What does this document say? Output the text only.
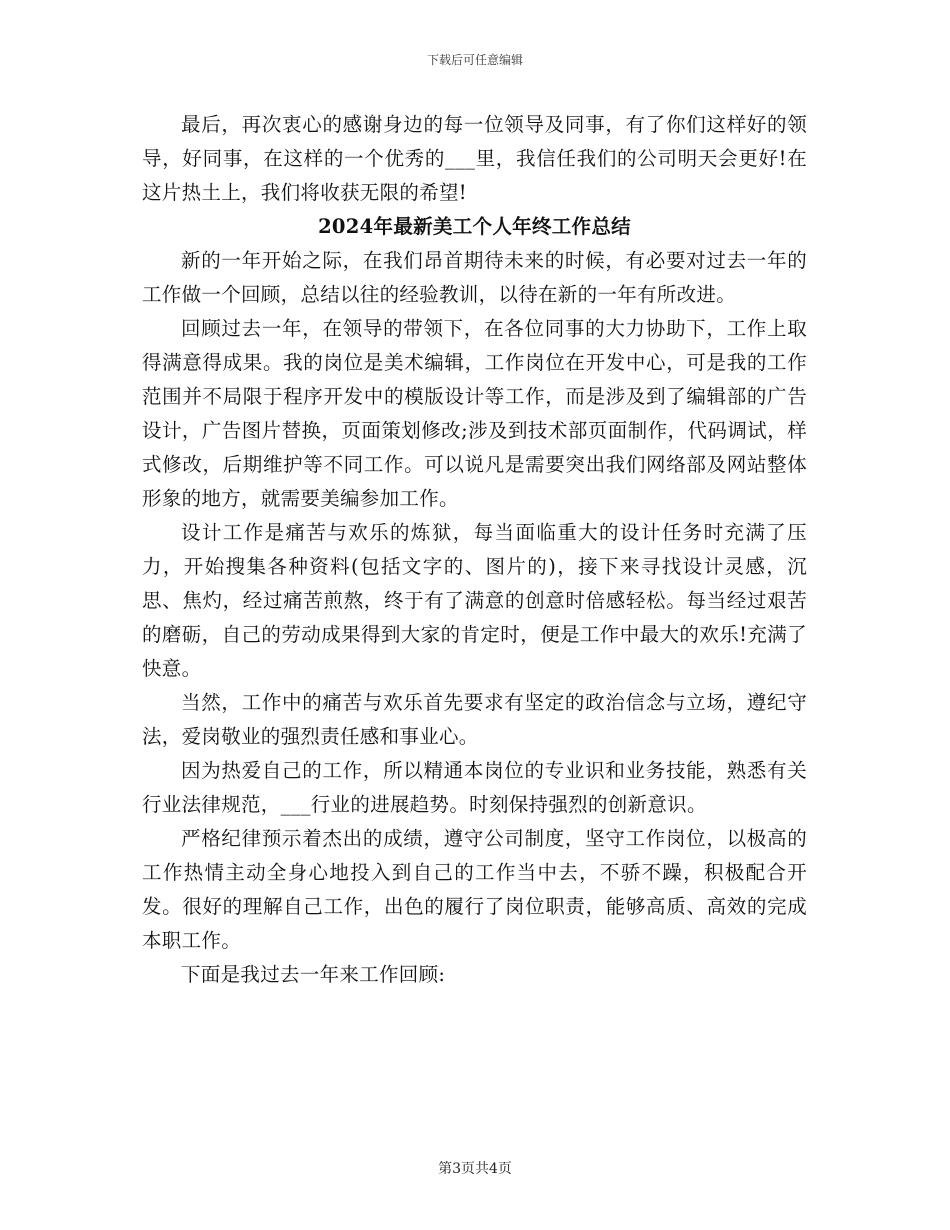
下载后可任意编辑

最后，再次衷心的感谢身边的每一位领导及同事，有了你们这样好的领导，好同事，在这样的一个优秀的___里，我信任我们的公司明天会更好!在这片热土上，我们将收获无限的希望!

2024年最新美工个人年终工作总结

新的一年开始之际，在我们昂首期待未来的时候，有必要对过去一年的工作做一个回顾，总结以往的经验教训，以待在新的一年有所改进。

回顾过去一年，在领导的带领下，在各位同事的大力协助下，工作上取得满意得成果。我的岗位是美术编辑，工作岗位在开发中心，可是我的工作范围并不局限于程序开发中的模版设计等工作，而是涉及到了编辑部的广告设计，广告图片替换，页面策划修改;涉及到技术部页面制作，代码调试，样式修改，后期维护等不同工作。可以说凡是需要突出我们网络部及网站整体形象的地方，就需要美编参加工作。

设计工作是痛苦与欢乐的炼狱，每当面临重大的设计任务时充满了压力，开始搜集各种资料(包括文字的、图片的)，接下来寻找设计灵感，沉思、焦灼，经过痛苦煎熬，终于有了满意的创意时倍感轻松。每当经过艰苦的磨砺，自己的劳动成果得到大家的肯定时，便是工作中最大的欢乐!充满了快意。

当然，工作中的痛苦与欢乐首先要求有坚定的政治信念与立场，遵纪守法，爱岗敬业的强烈责任感和事业心。

因为热爱自己的工作，所以精通本岗位的专业识和业务技能，熟悉有关行业法律规范，___行业的进展趋势。时刻保持强烈的创新意识。

严格纪律预示着杰出的成绩，遵守公司制度，坚守工作岗位，以极高的工作热情主动全身心地投入到自己的工作当中去，不骄不躁，积极配合开发。很好的理解自己工作，出色的履行了岗位职责，能够高质、高效的完成本职工作。

下面是我过去一年来工作回顾:

第3页共4页
